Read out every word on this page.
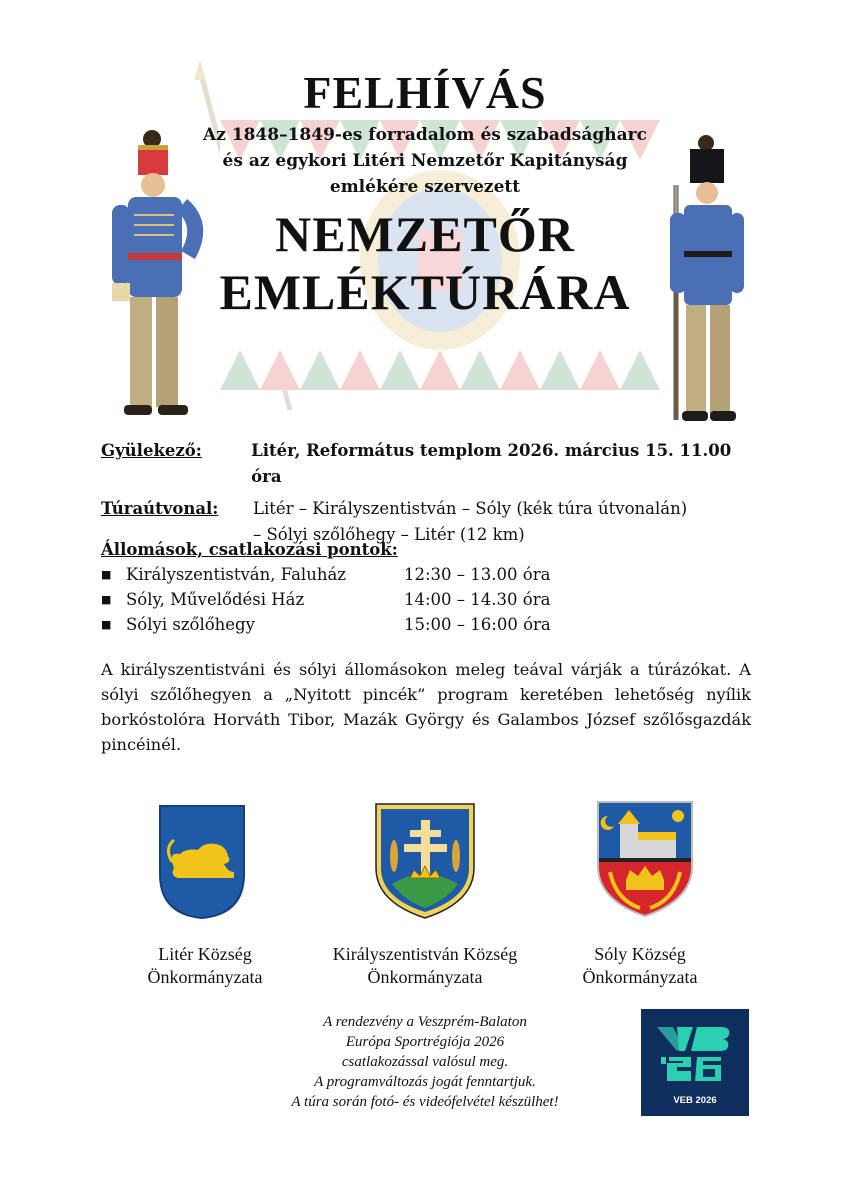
FELHÍVÁS
Az 1848–1849-es forradalom és szabadságharc
és az egykori Litéri Nemzetőr Kapitányság
emlékére szervezett
NEMZETŐR
EMLÉKTÚRÁRA
Gyülekező:	Litér, Református templom 2026. március 15. 11.00 óra
Túraútvonal:	Litér – Királyszentistván – Sóly (kék túra útvonalán)
– Sólyi szőlőhegy – Litér (12 km)
Állomások, csatlakozási pontok:
■ Királyszentistván, Faluház	12:30 – 13.00 óra
■ Sóly, Művelődési Ház	14:00 – 14.30 óra
■ Sólyi szőlőhegy	15:00 – 16:00 óra
A királyszentistváni és sólyi állomásokon meleg teával várják a túrázókat. A sólyi szőlőhegyen a „Nyitott pincék” program keretében lehetőség nyílik borkóstolóra Horváth Tibor, Mazák György és Galambos József szőlősgazdák pincéinél.
Litér Község
Önkormányzata
Királyszentistván Község
Önkormányzata
Sóly Község
Önkormányzata
A rendezvény a Veszprém-Balaton
Európa Sportrégiója 2026
csatlakozással valósul meg.
A programváltozás jogát fenntartjuk.
A túra során fotó- és videófelvétel készülhet!	VEB 2026
